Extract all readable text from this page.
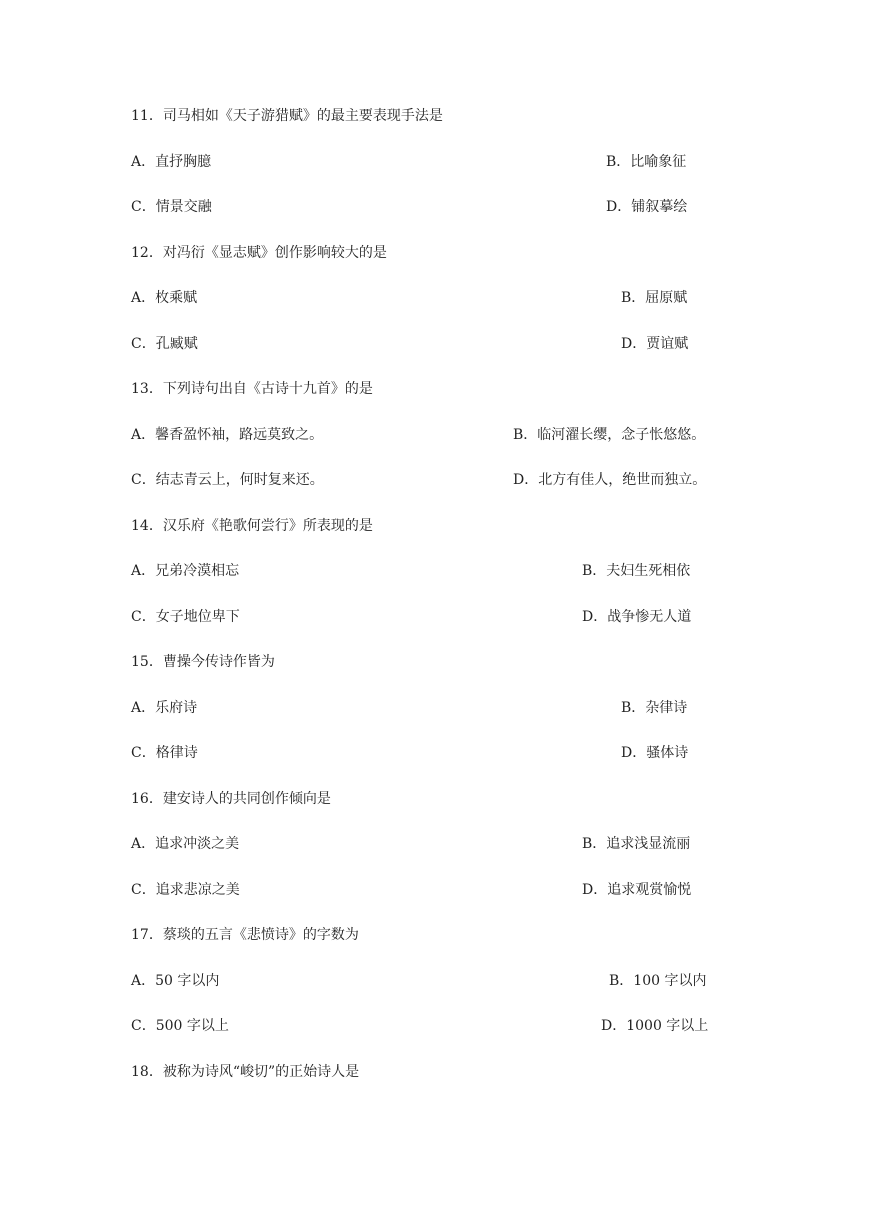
11．司马相如《天子游猎赋》的最主要表现手法是
A．直抒胸臆	B．比喻象征
C．情景交融	D．铺叙摹绘
12．对冯衍《显志赋》创作影响较大的是
A．枚乘赋	B．屈原赋
C．孔臧赋	D．贾谊赋
13．下列诗句出自《古诗十九首》的是
A．馨香盈怀袖，路远莫致之。	B．临河濯长缨，念子怅悠悠。
C．结志青云上，何时复来还。	D．北方有佳人，绝世而独立。
14．汉乐府《艳歌何尝行》所表现的是
A．兄弟冷漠相忘	B．夫妇生死相依
C．女子地位卑下	D．战争惨无人道
15．曹操今传诗作皆为
A．乐府诗	B．杂律诗
C．格律诗	D．骚体诗
16．建安诗人的共同创作倾向是
A．追求冲淡之美	B．追求浅显流丽
C．追求悲凉之美	D．追求观赏愉悦
17．蔡琰的五言《悲愤诗》的字数为
A．50 字以内	B．100 字以内
C．500 字以上	D．1000 字以上
18．被称为诗风“峻切”的正始诗人是
